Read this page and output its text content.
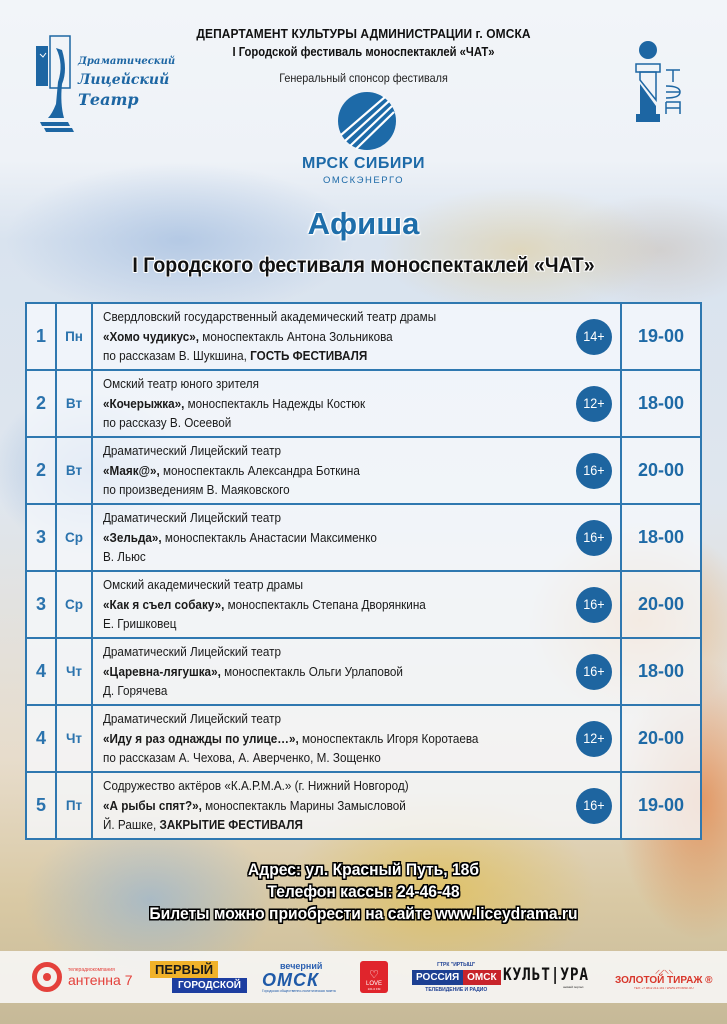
ДЕПАРТАМЕНТ КУЛЬТУРЫ АДМИНИСТРАЦИИ г. ОМСКА
I Городской фестиваль моноспектаклей «ЧАТ»
Генеральный спонсор фестиваля
Драматический
Лицейский
Театр
МРСК СИБИРИ
ОМСКЭНЕРГО
Афиша
I Городского фестиваля моноспектаклей «ЧАТ»
1	Пн	Свердловский государственный академический театр драмы
«Хомо чудикус», моноспектакль Антона Зольникова
по рассказам В. Шукшина, ГОСТЬ ФЕСТИВАЛЯ
14+	19-00
2	Вт	Омский театр юного зрителя
«Кочерыжка», моноспектакль Надежды Костюк
по рассказу В. Осеевой
12+	18-00
2	Вт	Драматический Лицейский театр
«Маяк@», моноспектакль Александра Боткина
по произведениям В. Маяковского
16+	20-00
3	Ср	Драматический Лицейский театр
«Зельда», моноспектакль Анастасии Максименко
В. Льюс
16+	18-00
3	Ср	Омский академический театр драмы
«Как я съел собаку», моноспектакль Степана Дворянкина
Е. Гришковец
16+	20-00
4	Чт	Драматический Лицейский театр
«Царевна-лягушка», моноспектакль Ольги Урлаповой
Д. Горячева
16+	18-00
4	Чт	Драматический Лицейский театр
«Иду я раз однажды по улице…», моноспектакль Игоря Коротаева
по рассказам А. Чехова, А. Аверченко, М. Зощенко
12+	20-00
5	Пт	Содружество актёров «К.А.Р.М.А.» (г. Нижний Новгород)
«А рыбы спят?», моноспектакль Марины Замысловой
Й. Рашке, ЗАКРЫТИЕ ФЕСТИВАЛЯ
16+	19-00
Адрес: ул. Красный Путь, 18б
Телефон кассы: 24-46-48
Билеты можно приобрести на сайте www.liceydrama.ru
телерадиокомпания
антенна 7
ПЕРВЫЙ
ГОРОДСКОЙ
вечерний
ОМСК
Городская общественно-политическая газета
♡
LOVE
101.0 FM
ГТРК "ИРТЫШ"
РОССИЯ ОМСК
ТЕЛЕВИДЕНИЕ И РАДИО
КУЛЬТ|УРА
омский портал
⸝⸝⸜⸜
ЗОЛОТОЙ ТИРАЖ ®
ТЕЛ: +7 3812 212-191 / WWW.ZTOMSK.RU
